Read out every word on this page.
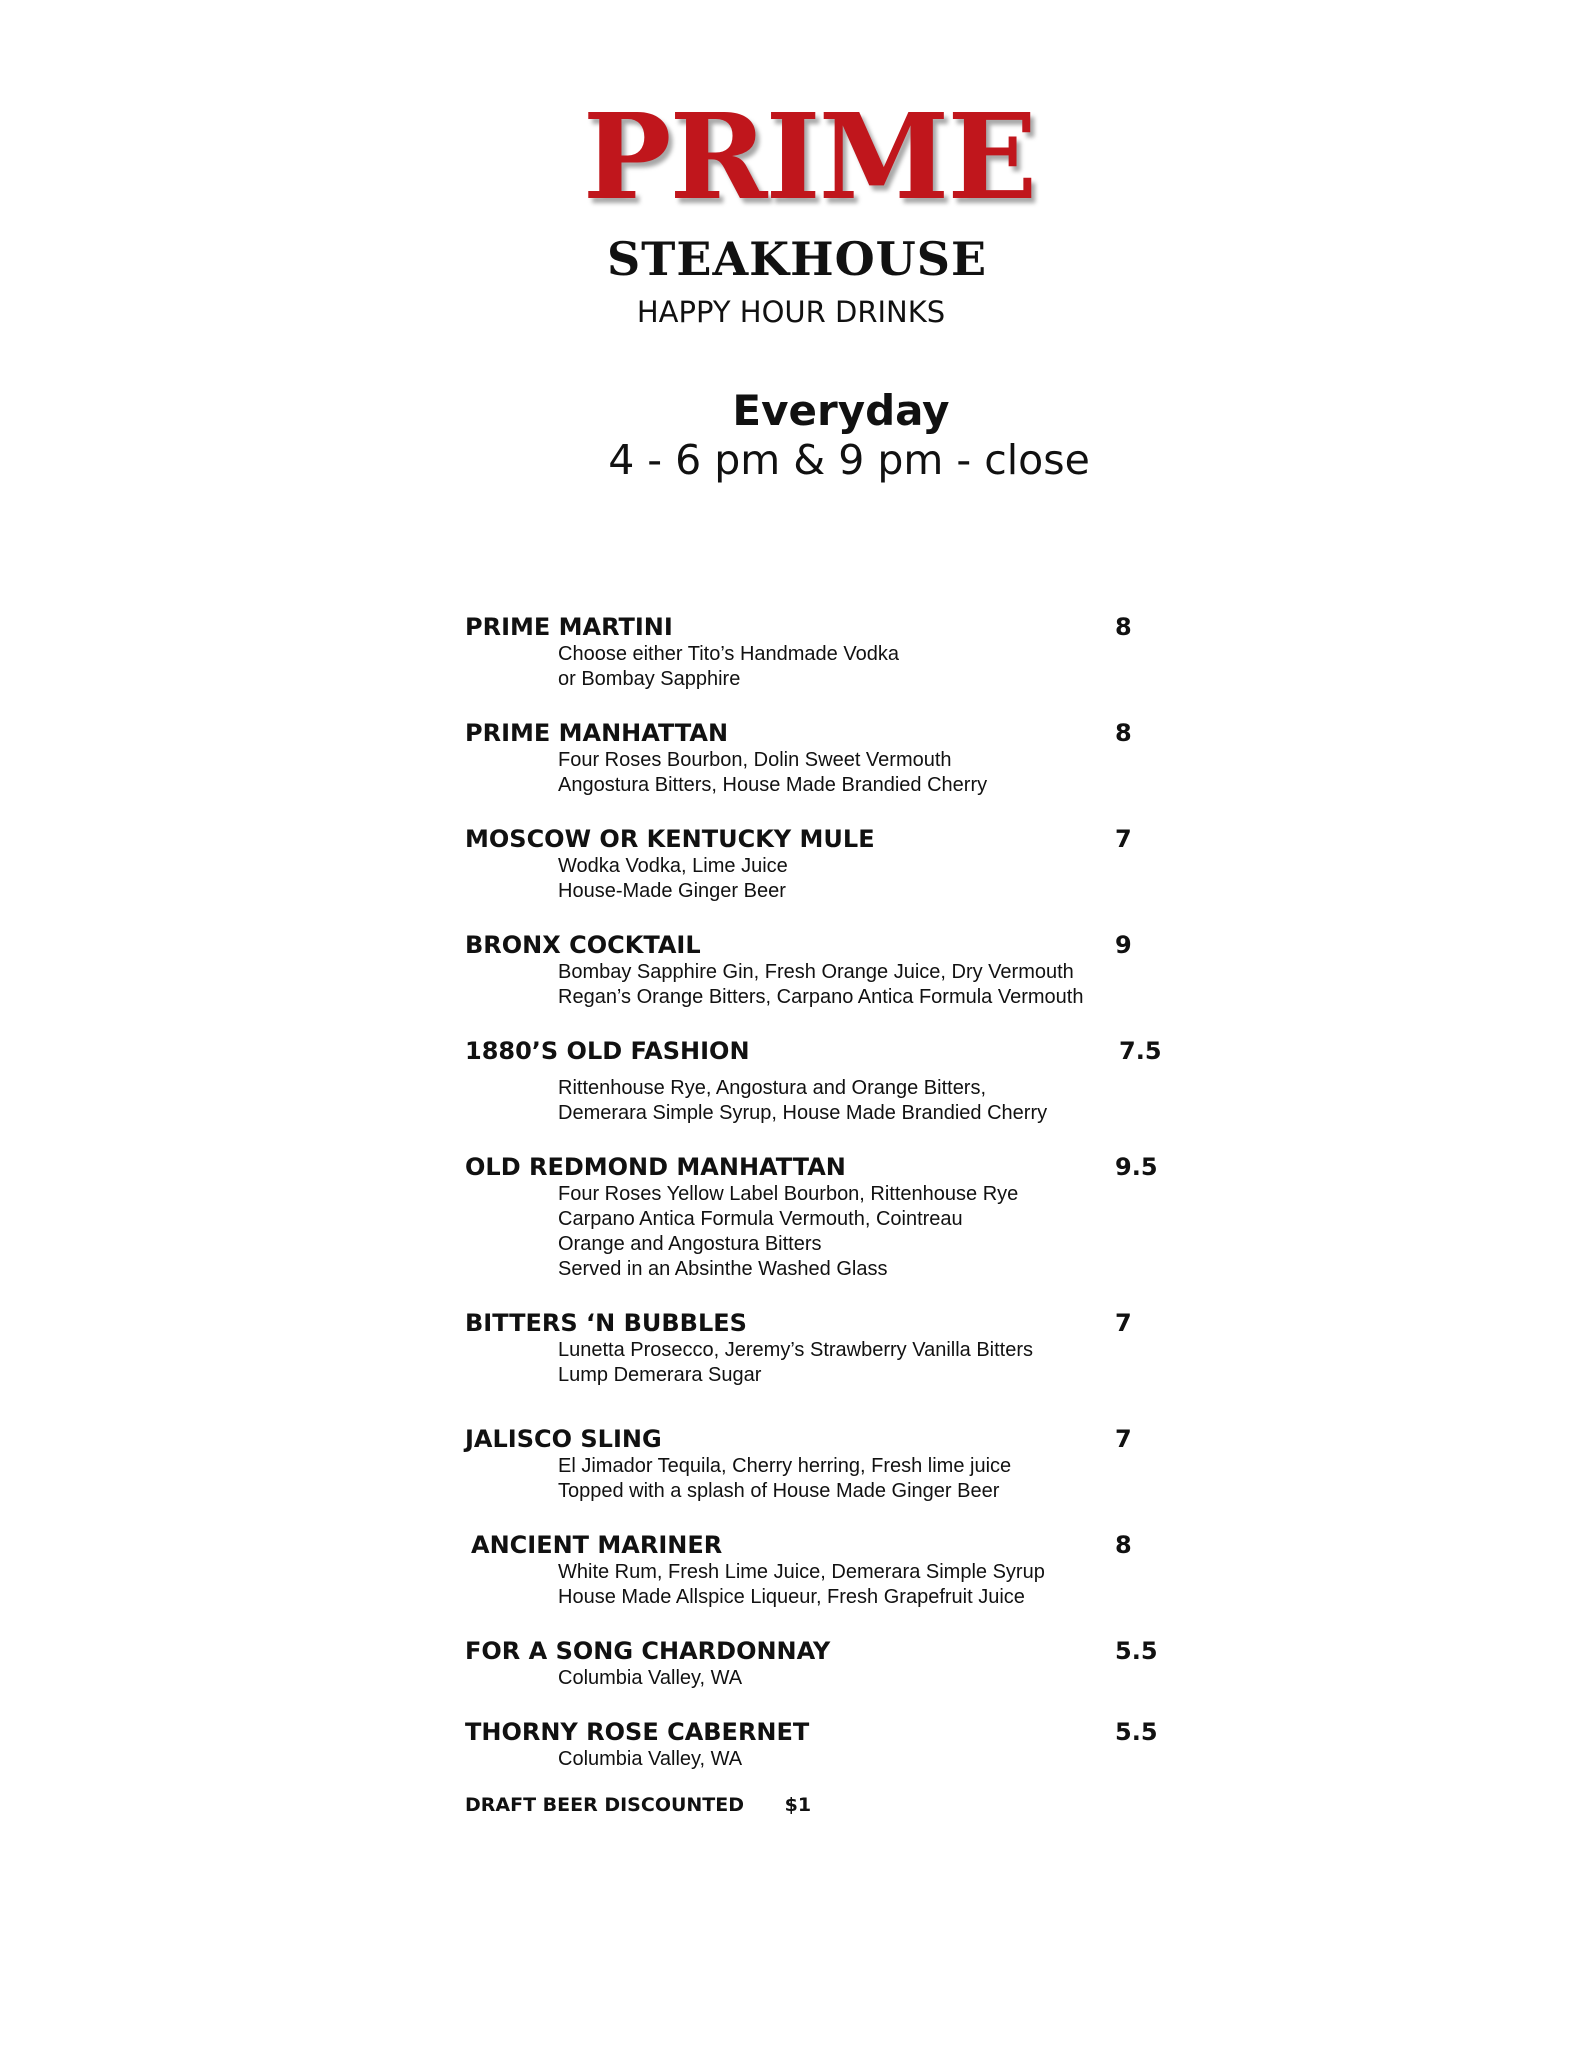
PRIME
STEAKHOUSE
HAPPY HOUR DRINKS
Everyday
4 - 6 pm & 9 pm - close
PRIME MARTINI	8
Choose either Tito’s Handmade Vodka
or Bombay Sapphire
PRIME MANHATTAN	8
Four Roses Bourbon, Dolin Sweet Vermouth
Angostura Bitters, House Made Brandied Cherry
MOSCOW OR KENTUCKY MULE	7
Wodka Vodka, Lime Juice
House-Made Ginger Beer
BRONX COCKTAIL	9
Bombay Sapphire Gin, Fresh Orange Juice, Dry Vermouth
Regan’s Orange Bitters, Carpano Antica Formula Vermouth
1880’S OLD FASHION	7.5
Rittenhouse Rye, Angostura and Orange Bitters,
Demerara Simple Syrup, House Made Brandied Cherry
OLD REDMOND MANHATTAN	9.5
Four Roses Yellow Label Bourbon, Rittenhouse Rye
Carpano Antica Formula Vermouth, Cointreau
Orange and Angostura Bitters
Served in an Absinthe Washed Glass
BITTERS ‘N BUBBLES	7
Lunetta Prosecco, Jeremy’s Strawberry Vanilla Bitters
Lump Demerara Sugar
JALISCO SLING	7
El Jimador Tequila, Cherry herring, Fresh lime juice
Topped with a splash of House Made Ginger Beer
ANCIENT MARINER	8
White Rum, Fresh Lime Juice, Demerara Simple Syrup
House Made Allspice Liqueur, Fresh Grapefruit Juice
FOR A SONG CHARDONNAY	5.5
Columbia Valley, WA
THORNY ROSE CABERNET	5.5
Columbia Valley, WA
DRAFT BEER DISCOUNTED $1
